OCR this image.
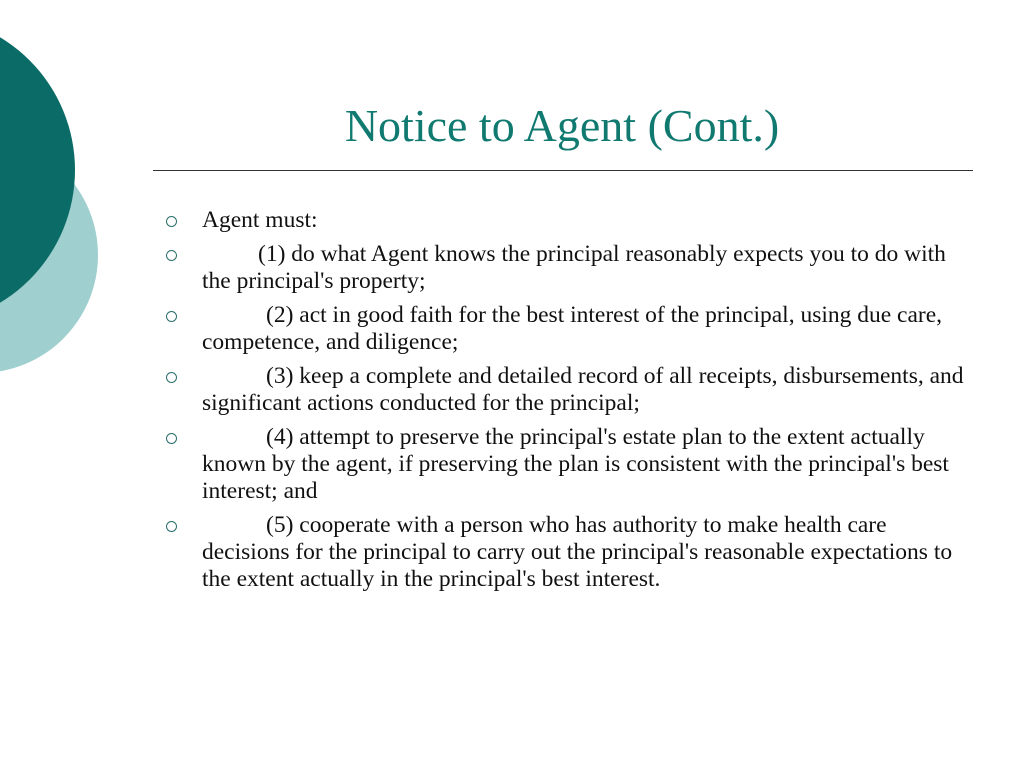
Notice to Agent (Cont.)
Agent must:
(1) do what Agent knows the principal reasonably expects you to do with the principal's property;
(2) act in good faith for the best interest of the principal, using due care, competence, and diligence;
(3) keep a complete and detailed record of all receipts, disbursements, and significant actions conducted for the principal;
(4) attempt to preserve the principal's estate plan to the extent actually known by the agent, if preserving the plan is consistent with the principal's best interest; and
(5) cooperate with a person who has authority to make health care decisions for the principal to carry out the principal's reasonable expectations to the extent actually in the principal's best interest.
